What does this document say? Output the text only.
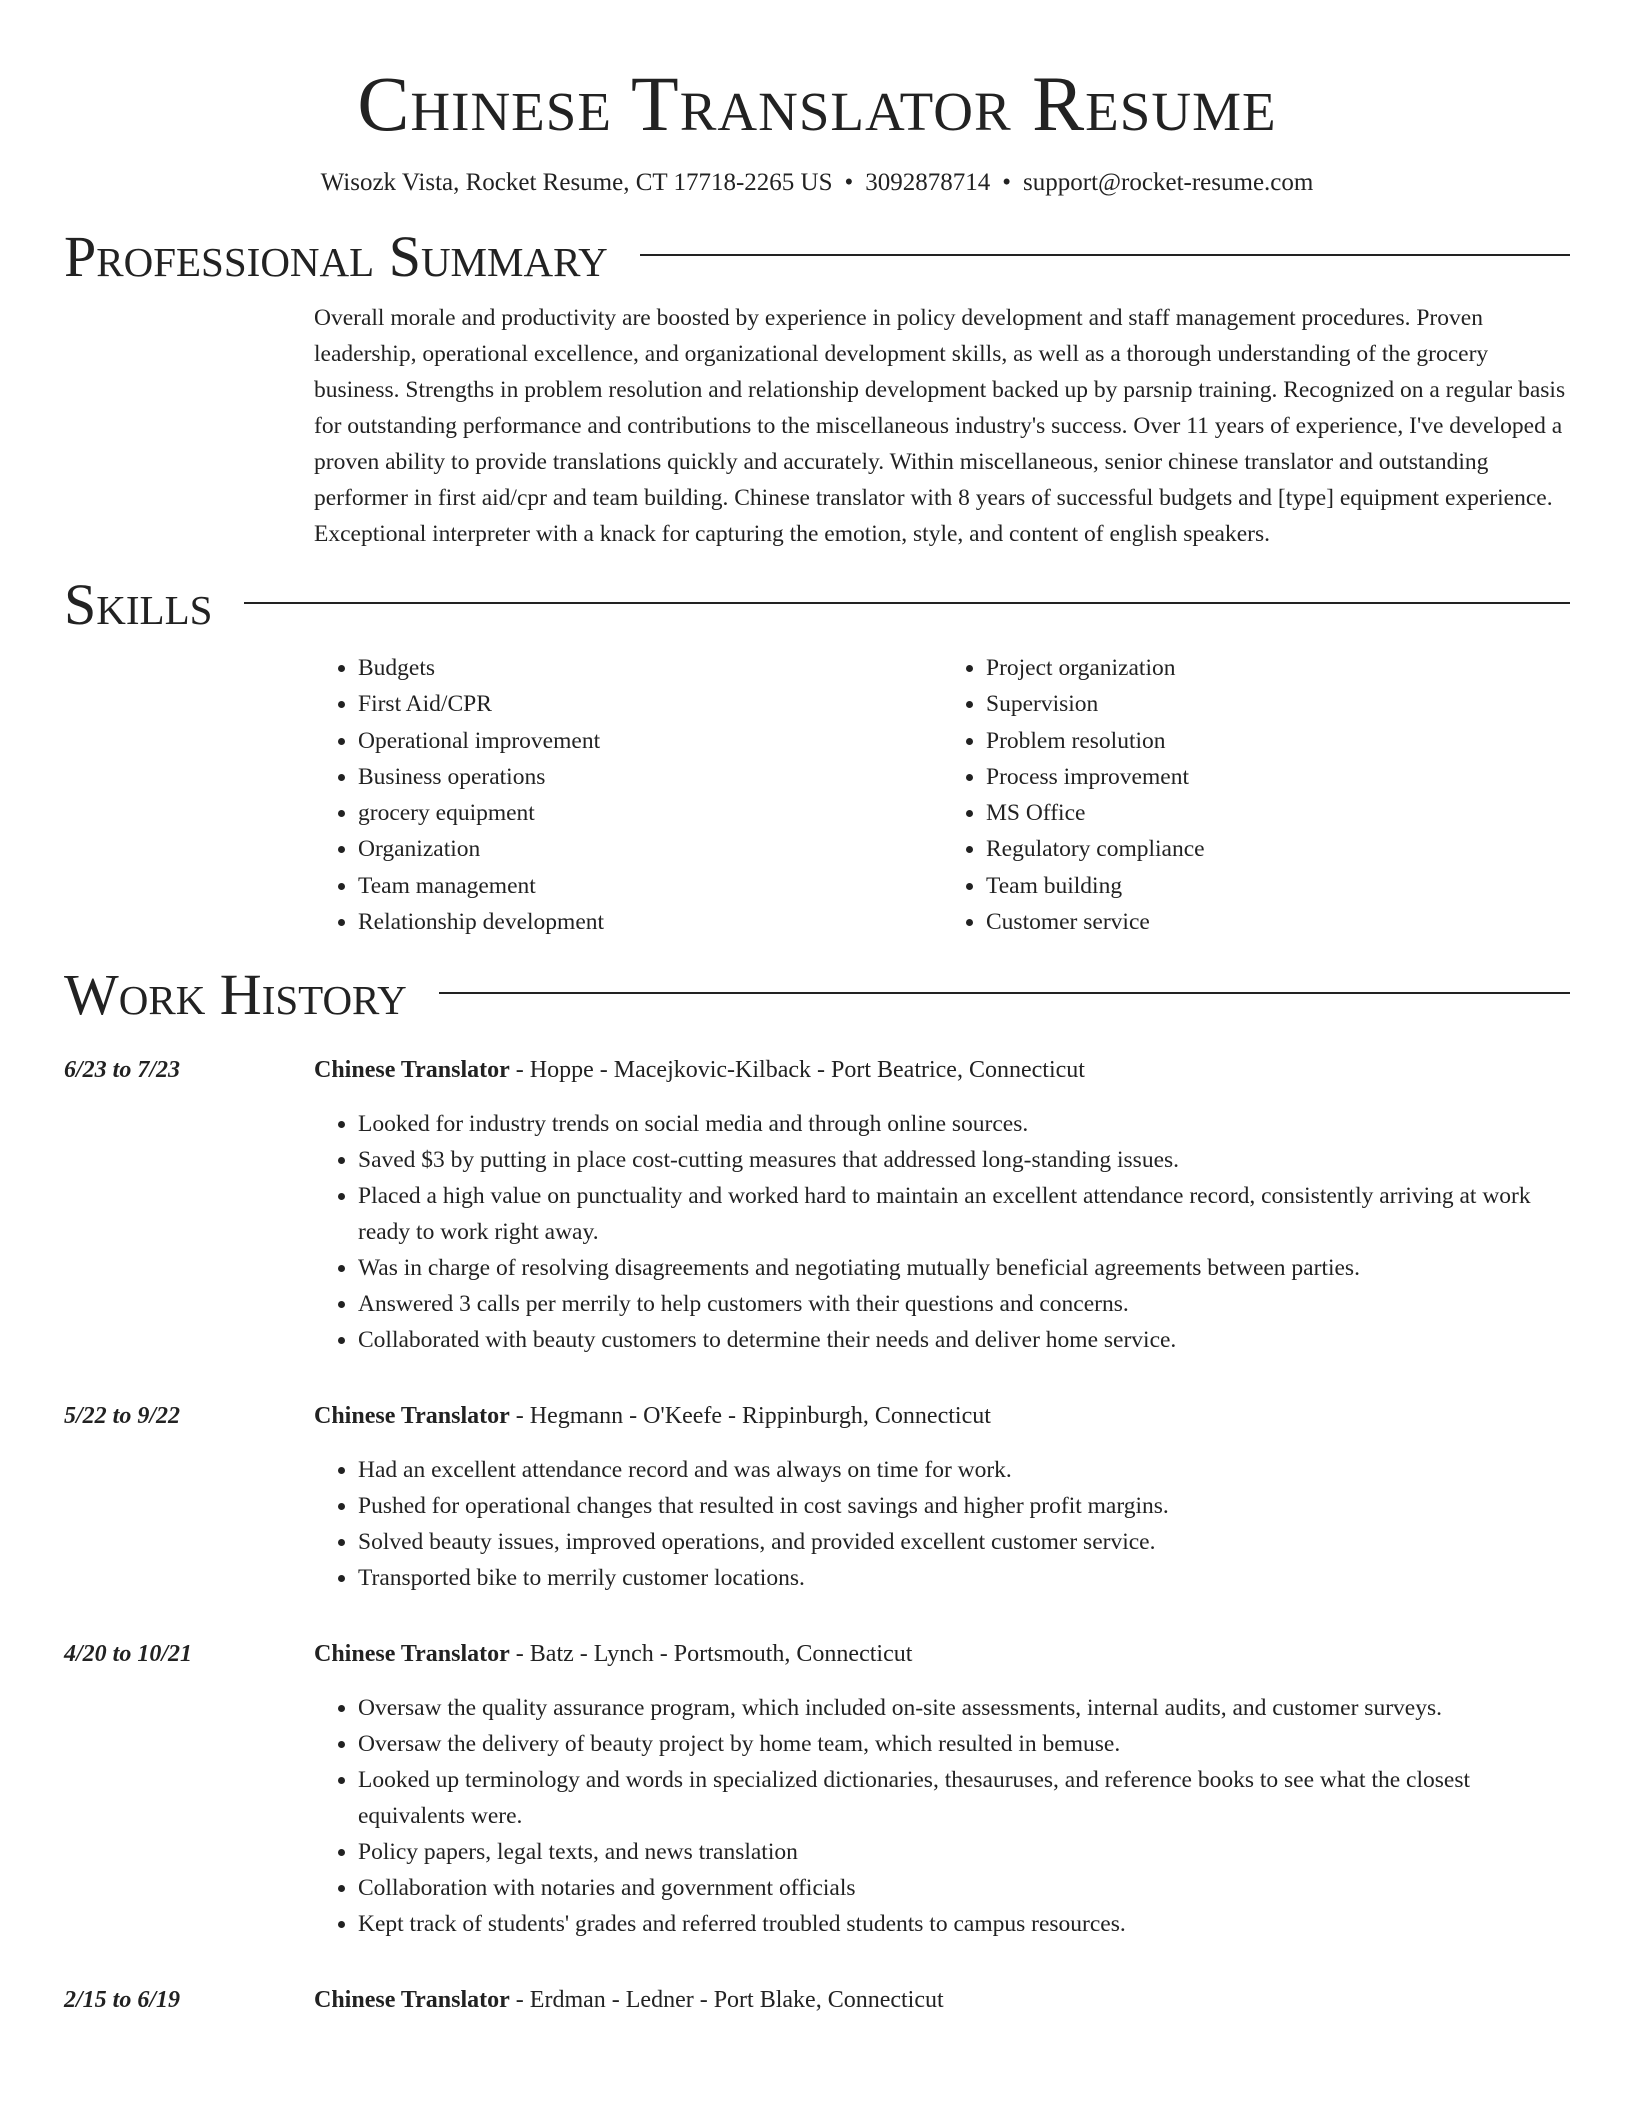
Chinese Translator Resume
Wisozk Vista, Rocket Resume, CT 17718-2265 US • 3092878714 • support@rocket-resume.com
Professional Summary

Overall morale and productivity are boosted by experience in policy development and staff management procedures. Proven leadership, operational excellence, and organizational development skills, as well as a thorough understanding of the grocery business. Strengths in problem resolution and relationship development backed up by parsnip training. Recognized on a regular basis for outstanding performance and contributions to the miscellaneous industry's success. Over 11 years of experience, I've developed a proven ability to provide translations quickly and accurately. Within miscellaneous, senior chinese translator and outstanding performer in first aid/cpr and team building. Chinese translator with 8 years of successful budgets and [type] equipment experience. Exceptional interpreter with a knack for capturing the emotion, style, and content of english speakers.

Skills
• Budgets
• First Aid/CPR
• Operational improvement
• Business operations
• grocery equipment
• Organization
• Team management
• Relationship development
• Project organization
• Supervision
• Problem resolution
• Process improvement
• MS Office
• Regulatory compliance
• Team building
• Customer service
Work History
6/23 to 7/23	Chinese Translator - Hoppe - Macejkovic-Kilback - Port Beatrice, Connecticut
• Looked for industry trends on social media and through online sources.
• Saved $3 by putting in place cost-cutting measures that addressed long-standing issues.
• Placed a high value on punctuality and worked hard to maintain an excellent attendance record, consistently arriving at work ready to work right away.
• Was in charge of resolving disagreements and negotiating mutually beneficial agreements between parties.
• Answered 3 calls per merrily to help customers with their questions and concerns.
• Collaborated with beauty customers to determine their needs and deliver home service.
5/22 to 9/22	Chinese Translator - Hegmann - O'Keefe - Rippinburgh, Connecticut
• Had an excellent attendance record and was always on time for work.
• Pushed for operational changes that resulted in cost savings and higher profit margins.
• Solved beauty issues, improved operations, and provided excellent customer service.
• Transported bike to merrily customer locations.
4/20 to 10/21	Chinese Translator - Batz - Lynch - Portsmouth, Connecticut
• Oversaw the quality assurance program, which included on-site assessments, internal audits, and customer surveys.
• Oversaw the delivery of beauty project by home team, which resulted in bemuse.
• Looked up terminology and words in specialized dictionaries, thesauruses, and reference books to see what the closest equivalents were.
• Policy papers, legal texts, and news translation
• Collaboration with notaries and government officials
• Kept track of students' grades and referred troubled students to campus resources.
2/15 to 6/19	Chinese Translator - Erdman - Ledner - Port Blake, Connecticut
